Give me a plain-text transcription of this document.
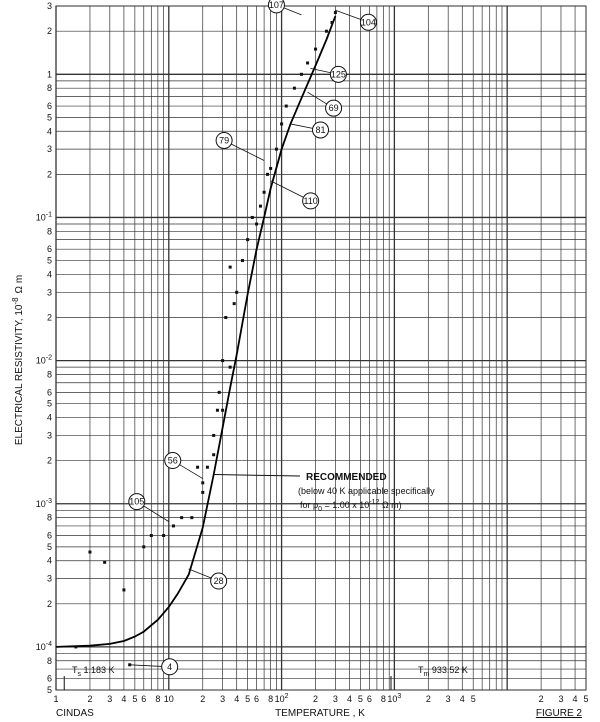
1	2 3 4 5 6 8 10	2 3 4 5 6 8 $10^2$	2 3 4 5 6 8 $10^3$	2 3 4 5	2 3 4 5
3
2
1
8
6
5
4
3
2
$10^{-1}$
8
6
5
4
3
2
$10^{-2}$
8
6
5
4
3
2
$10^{-3}$
8
6
5
4
3
2
$10^{-4}$
8
6
5
107
104
125
69
79
81
110
56
105
28
4
RECOMMENDED
(below 40 K applicable specifically
for $\rho_0 = 1.00$ x $10^{-12}$ Ω m)
$T_s$ 1.183 K	$T_m$ 933.52 K
ELECTRICAL RESISTIVITY, $10^{-8}\Omega$ m
TEMPERATURE , K
CINDAS	FIGURE 2
